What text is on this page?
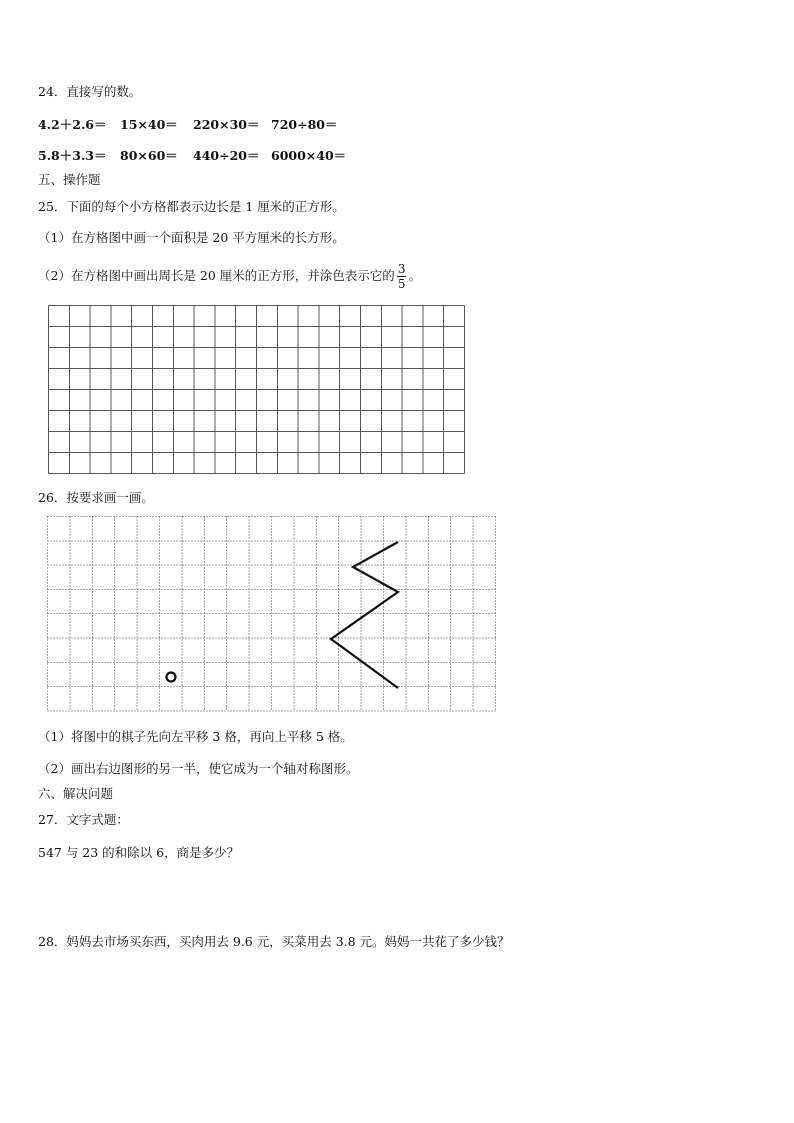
24．直接写的数。
4.2＋2.6＝	15×40＝	220×30＝ 720÷80＝
5.8＋3.3＝	80×60＝	440÷20＝ 6000×40＝
五、操作题
25．下面的每个小方格都表示边长是 1 厘米的正方形。
（1）在方格图中画一个面积是 20 平方厘米的长方形。
（2）在方格图中画出周长是 20 厘米的正方形，并涂色表示它的 $\frac{3}{5}$ 。
26．按要求画一画。
（1）将图中的棋子先向左平移 3 格，再向上平移 5 格。
（2）画出右边图形的另一半，使它成为一个轴对称图形。
六、解决问题
27．文字式题：
547 与 23 的和除以 6，商是多少？
28．妈妈去市场买东西，买肉用去 9.6 元，买菜用去 3.8 元。妈妈一共花了多少钱？
